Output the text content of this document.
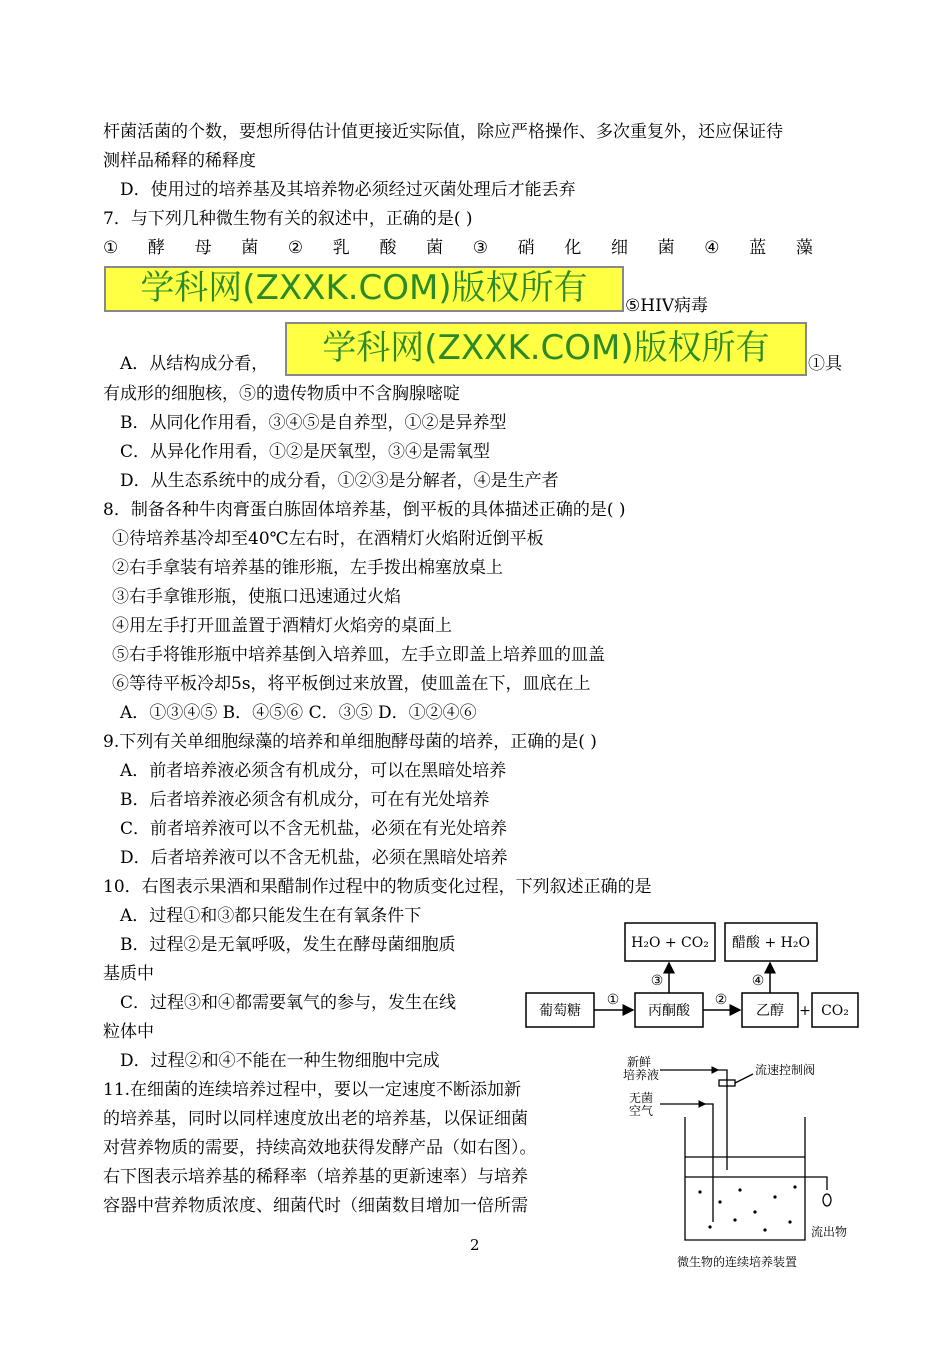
杆菌活菌的个数，要想所得估计值更接近实际值，除应严格操作、多次重复外，还应保证待
测样品稀释的稀释度
D．使用过的培养基及其培养物必须经过灭菌处理后才能丢弃
7．与下列几种微生物有关的叙述中，正确的是( )
① 酵 母 菌 ② 乳 酸 菌 ③ 硝 化 细 菌 ④ 蓝 藻
学科网(ZXXK.COM)版权所有	⑤HIV病毒
A．从结构成分看，	学科网(ZXXK.COM)版权所有	①具
有成形的细胞核，⑤的遗传物质中不含胸腺嘧啶
B．从同化作用看，③④⑤是自养型，①②是异养型
C．从异化作用看，①②是厌氧型，③④是需氧型
D．从生态系统中的成分看，①②③是分解者，④是生产者
8．制备各种牛肉膏蛋白胨固体培养基，倒平板的具体描述正确的是( )
①待培养基冷却至40℃左右时，在酒精灯火焰附近倒平板
②右手拿装有培养基的锥形瓶，左手拨出棉塞放桌上
③右手拿锥形瓶，使瓶口迅速通过火焰
④用左手打开皿盖置于酒精灯火焰旁的桌面上
⑤右手将锥形瓶中培养基倒入培养皿，左手立即盖上培养皿的皿盖
⑥等待平板冷却5s，将平板倒过来放置，使皿盖在下，皿底在上
A．①③④⑤ B．④⑤⑥ C．③⑤ D．①②④⑥
9.下列有关单细胞绿藻的培养和单细胞酵母菌的培养，正确的是( )
A．前者培养液必须含有机成分，可以在黑暗处培养
B．后者培养液必须含有机成分，可在有光处培养
C．前者培养液可以不含无机盐，必须在有光处培养
D．后者培养液可以不含无机盐，必须在黑暗处培养
10．右图表示果酒和果醋制作过程中的物质变化过程，下列叙述正确的是
A．过程①和③都只能发生在有氧条件下
B．过程②是无氧呼吸，发生在酵母菌细胞质
基质中
C．过程③和④都需要氧气的参与，发生在线
粒体中
D．过程②和④不能在一种生物细胞中完成
11.在细菌的连续培养过程中，要以一定速度不断添加新
的培养基，同时以同样速度放出老的培养基，以保证细菌
对营养物质的需要，持续高效地获得发酵产品（如右图）。
右下图表示培养基的稀释率（培养基的更新速率）与培养
容器中营养物质浓度、细菌代时（细菌数目增加一倍所需
2
H₂O + CO₂ 醋酸 + H₂O
葡萄糖	丙酮酸	乙醇	CO₂
+
①	②
③	④
新鲜
培养液
无菌
空气
流速控制阀
流出物
微生物的连续培养装置
